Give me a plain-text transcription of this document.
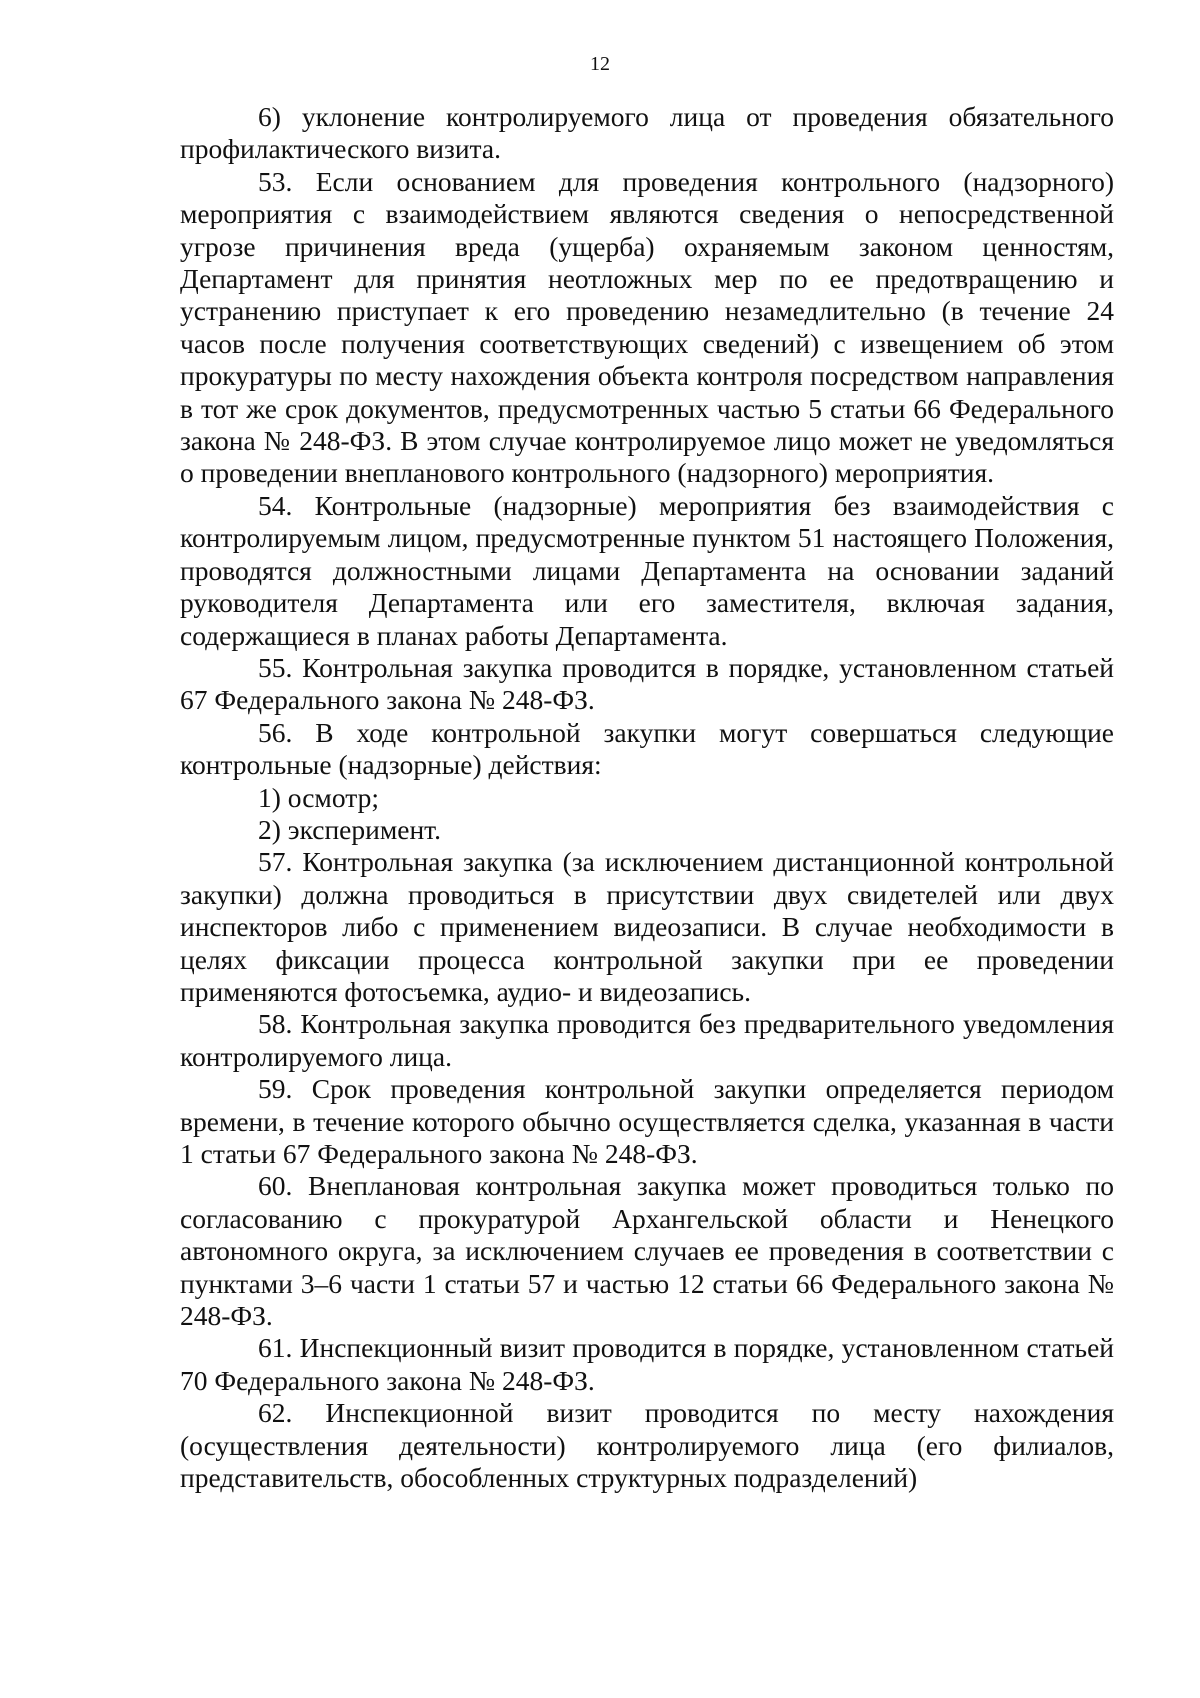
12

6) уклонение контролируемого лица от проведения обязательного профилактического визита.

53. Если основанием для проведения контрольного (надзорного) мероприятия с взаимодействием являются сведения о непосредственной угрозе причинения вреда (ущерба) охраняемым законом ценностям, Департамент для принятия неотложных мер по ее предотвращению и устранению приступает к его проведению незамедлительно (в течение 24 часов после получения соответствующих сведений) с извещением об этом прокуратуры по месту нахождения объекта контроля посредством направления в тот же срок документов, предусмотренных частью 5 статьи 66 Федерального закона № 248-ФЗ. В этом случае контролируемое лицо может не уведомляться о проведении внепланового контрольного (надзорного) мероприятия.

54. Контрольные (надзорные) мероприятия без взаимодействия с контролируемым лицом, предусмотренные пунктом 51 настоящего Положения, проводятся должностными лицами Департамента на основании заданий руководителя Департамента или его заместителя, включая задания, содержащиеся в планах работы Департамента.

55. Контрольная закупка проводится в порядке, установленном статьей 67 Федерального закона № 248-ФЗ.

56. В ходе контрольной закупки могут совершаться следующие контрольные (надзорные) действия:

1) осмотр;

2) эксперимент.

57. Контрольная закупка (за исключением дистанционной контрольной закупки) должна проводиться в присутствии двух свидетелей или двух инспекторов либо с применением видеозаписи. В случае необходимости в целях фиксации процесса контрольной закупки при ее проведении применяются фотосъемка, аудио- и видеозапись.

58. Контрольная закупка проводится без предварительного уведомления контролируемого лица.

59. Срок проведения контрольной закупки определяется периодом времени, в течение которого обычно осуществляется сделка, указанная в части 1 статьи 67 Федерального закона № 248-ФЗ.

60. Внеплановая контрольная закупка может проводиться только по согласованию с прокуратурой Архангельской области и Ненецкого автономного округа, за исключением случаев ее проведения в соответствии с пунктами 3–6 части 1 статьи 57 и частью 12 статьи 66 Федерального закона № 248-ФЗ.

61. Инспекционный визит проводится в порядке, установленном статьей 70 Федерального закона № 248-ФЗ.

62. Инспекционной визит проводится по месту нахождения (осуществления деятельности) контролируемого лица (его филиалов, представительств, обособленных структурных подразделений)
